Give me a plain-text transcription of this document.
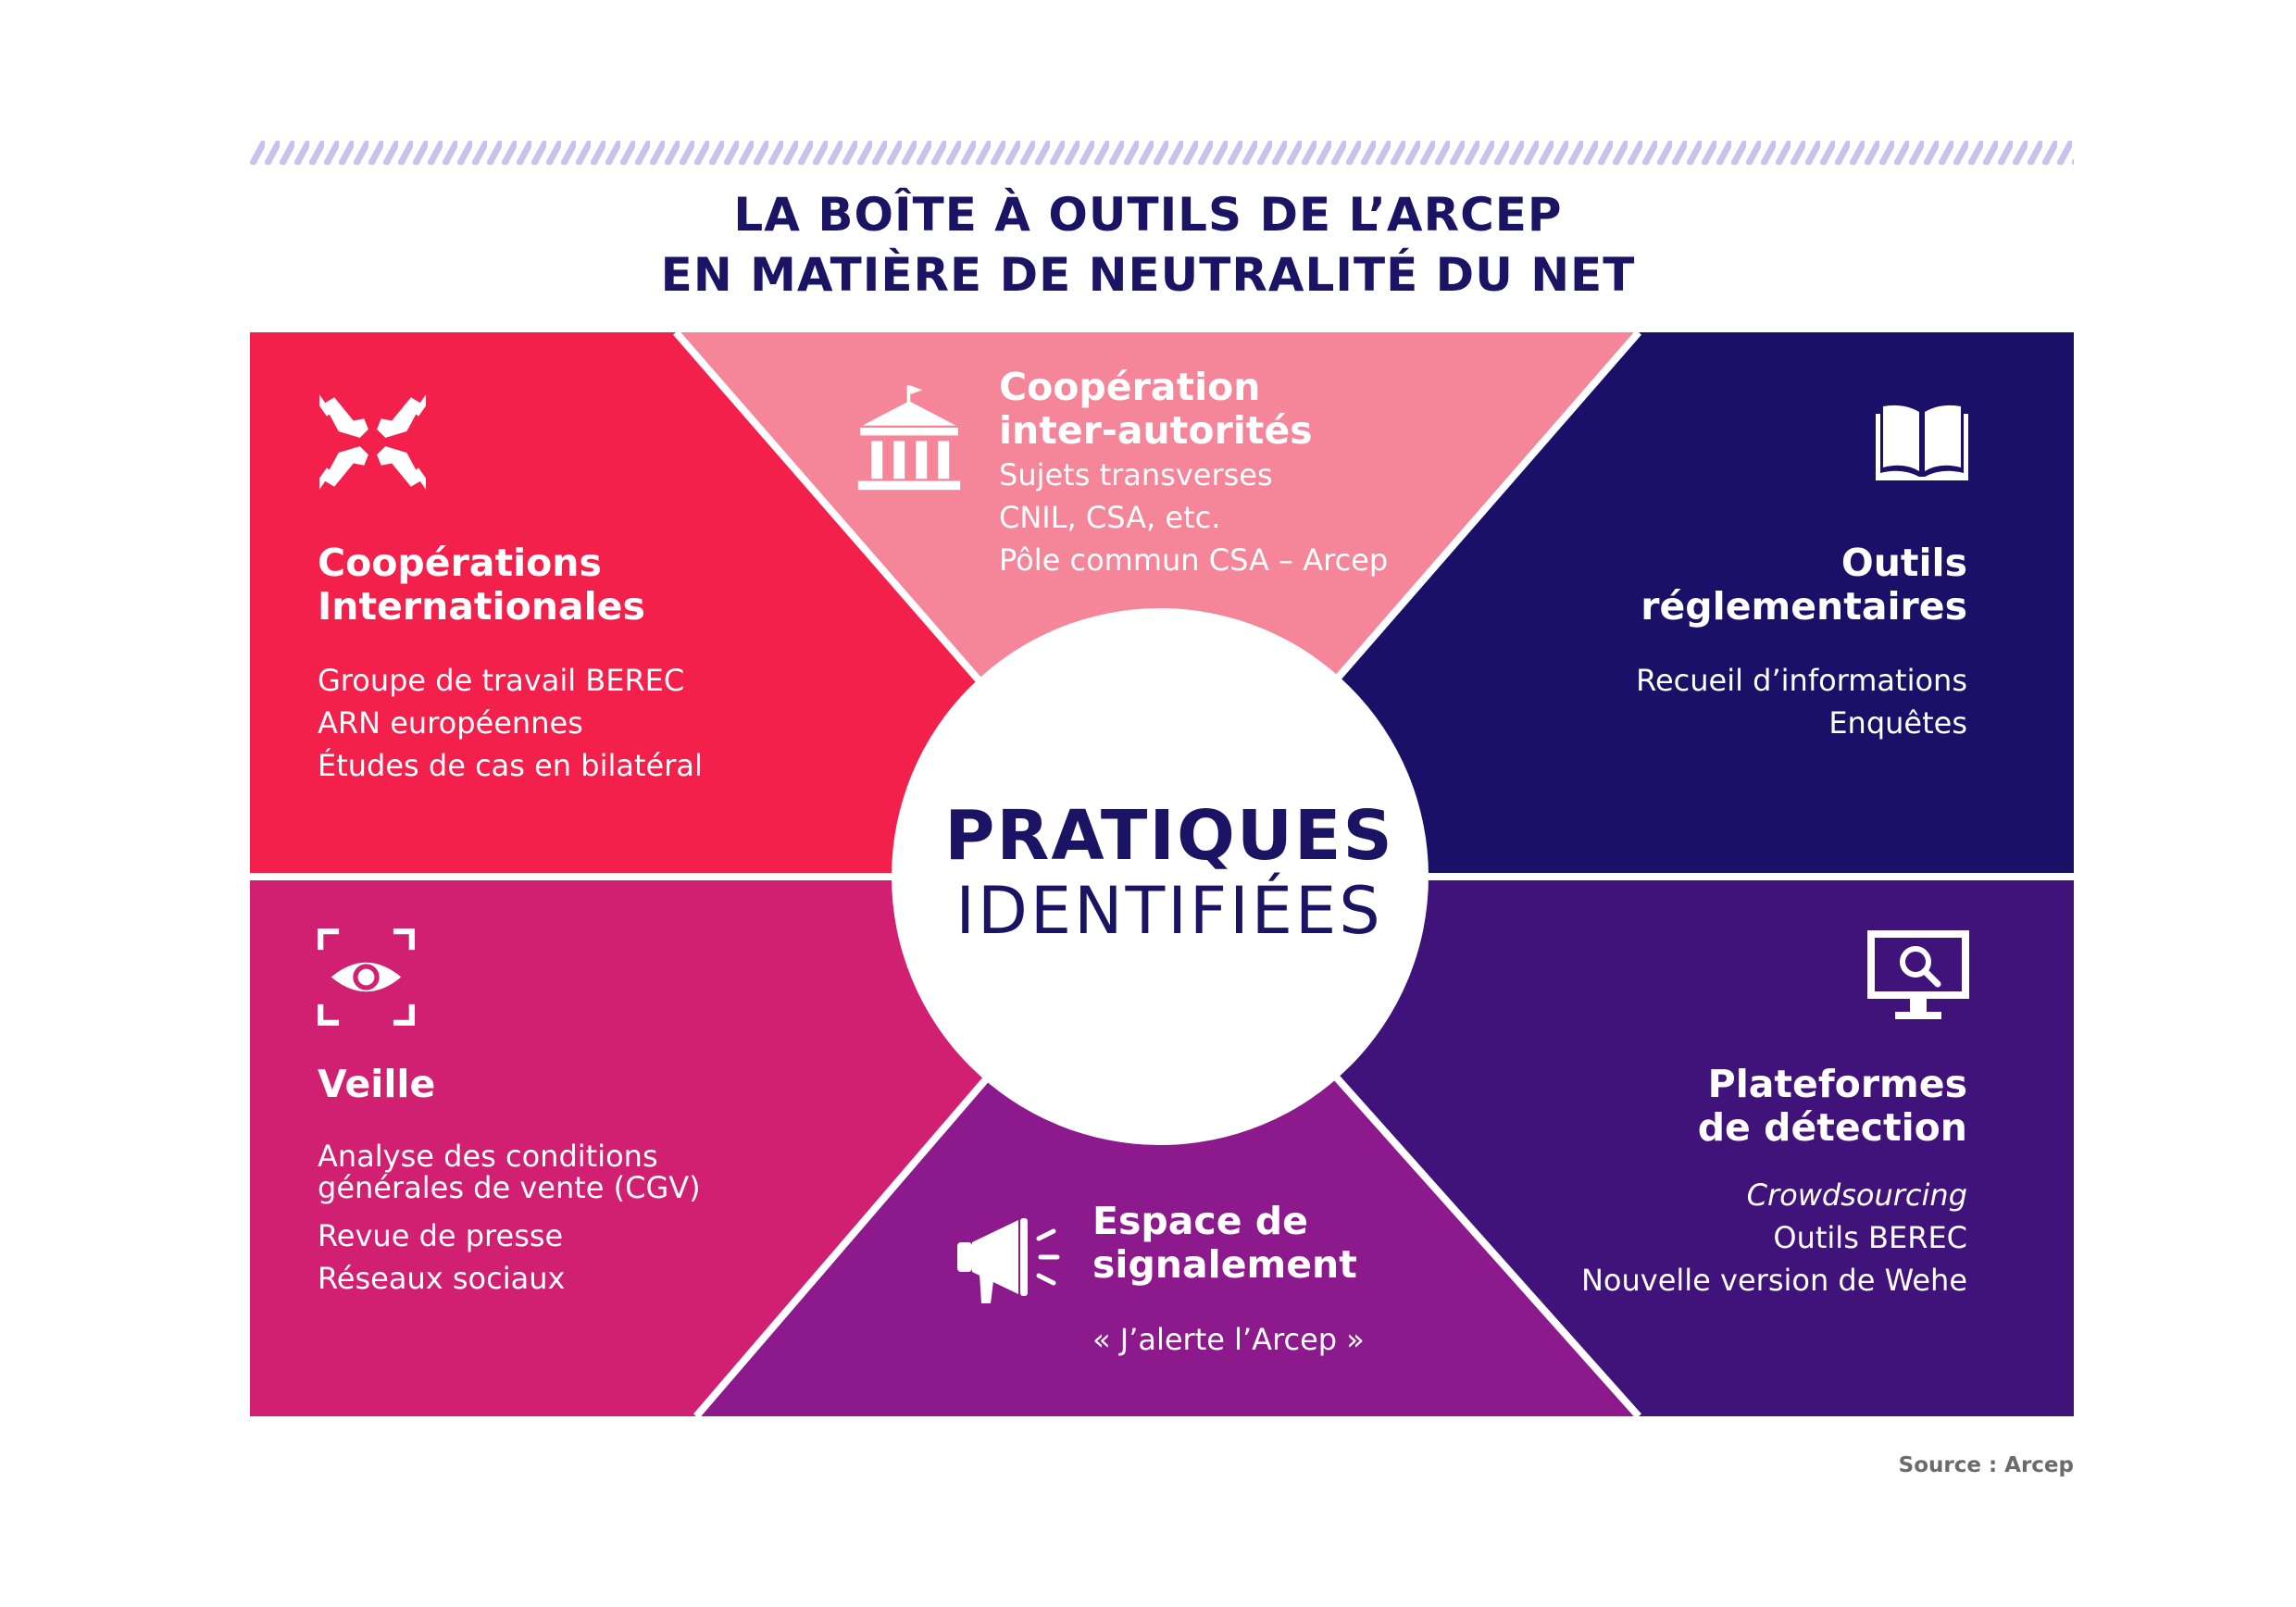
LA BOÎTE À OUTILS DE L’ARCEP
EN MATIÈRE DE NEUTRALITÉ DU NET

PRATIQUES

IDENTIFIÉES

Coopérations
Internationales

Groupe de travail BEREC
ARN européennes
Études de cas en bilatéral

Coopération
inter-autorités

Sujets transverses
CNIL, CSA, etc.
Pôle commun CSA – Arcep	Outils
réglementaires

Recueil d’informations
Enquêtes

Veille

Analyse des conditions
générales de vente (CGV)
Revue de presse
Réseaux sociaux

Espace de
signalement

« J’alerte l’Arcep »

Plateformes
de détection

Crowdsourcing
Outils BEREC
Nouvelle version de Wehe

Source : Arcep
